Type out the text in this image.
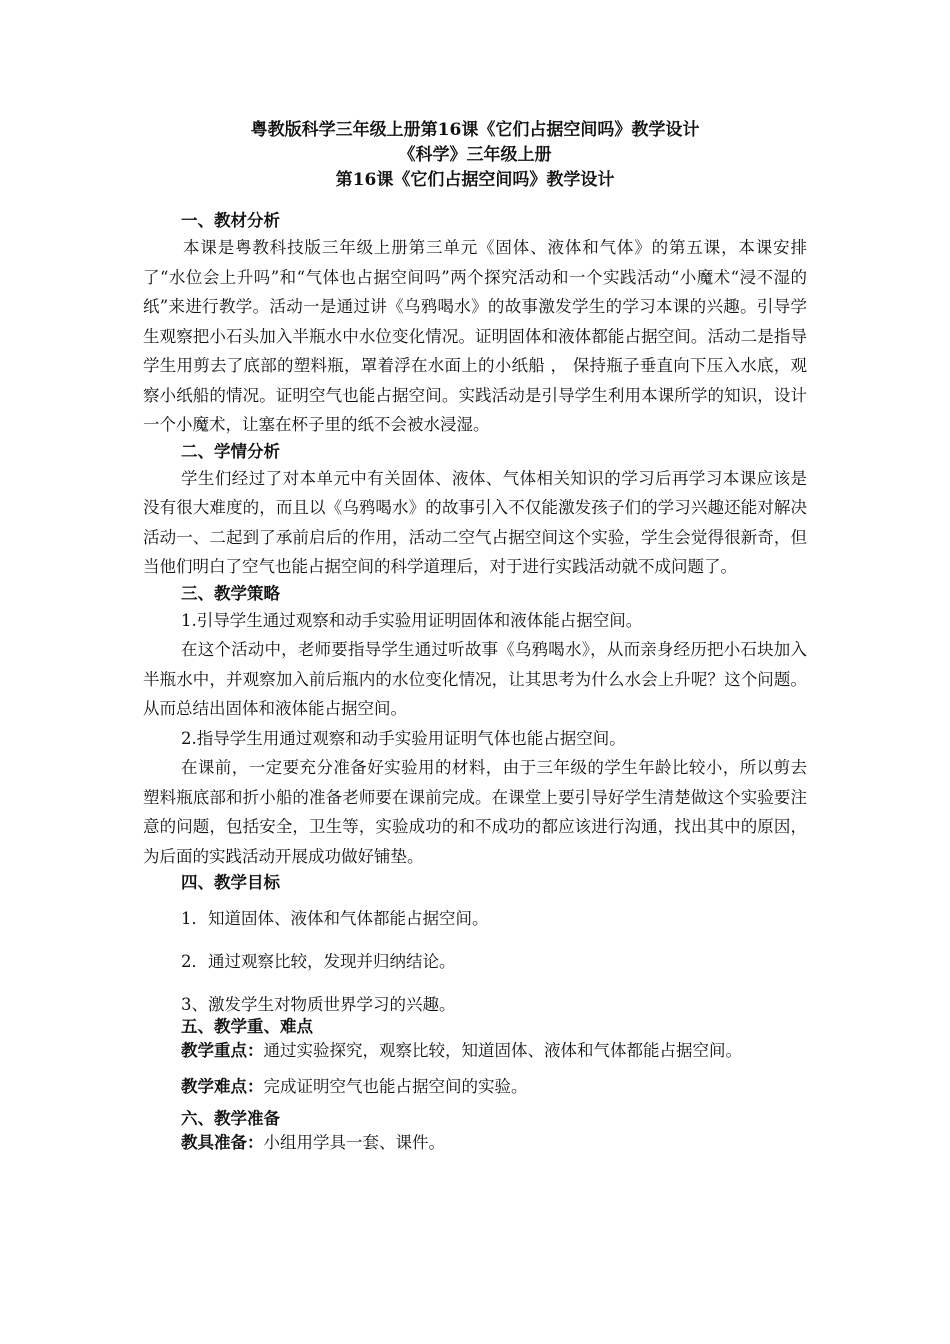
粤教版科学三年级上册第16课《它们占据空间吗》教学设计

《科学》三年级上册

第16课《它们占据空间吗》教学设计

一、教材分析

本课是粤教科技版三年级上册第三单元《固体、液体和气体》的第五课，本课安排了“水位会上升吗”和“气体也占据空间吗”两个探究活动和一个实践活动“小魔术“浸不湿的纸”来进行教学。活动一是通过讲《乌鸦喝水》的故事激发学生的学习本课的兴趣。引导学生观察把小石头加入半瓶水中水位变化情况。证明固体和液体都能占据空间。活动二是指导学生用剪去了底部的塑料瓶，罩着浮在水面上的小纸船 ， 保持瓶子垂直向下压入水底，观察小纸船的情况。证明空气也能占据空间。实践活动是引导学生利用本课所学的知识，设计一个小魔术，让塞在杯子里的纸不会被水浸湿。

二、学情分析

学生们经过了对本单元中有关固体、液体、气体相关知识的学习后再学习本课应该是没有很大难度的，而且以《乌鸦喝水》的故事引入不仅能激发孩子们的学习兴趣还能对解决活动一、二起到了承前启后的作用，活动二空气占据空间这个实验，学生会觉得很新奇，但当他们明白了空气也能占据空间的科学道理后，对于进行实践活动就不成问题了。

三、教学策略

1.引导学生通过观察和动手实验用证明固体和液体能占据空间。

在这个活动中，老师要指导学生通过听故事《乌鸦喝水》，从而亲身经历把小石块加入半瓶水中，并观察加入前后瓶内的水位变化情况，让其思考为什么水会上升呢？这个问题。从而总结出固体和液体能占据空间。

2.指导学生用通过观察和动手实验用证明气体也能占据空间。

在课前，一定要充分准备好实验用的材料，由于三年级的学生年龄比较小，所以剪去塑料瓶底部和折小船的准备老师要在课前完成。在课堂上要引导好学生清楚做这个实验要注意的问题，包括安全，卫生等，实验成功的和不成功的都应该进行沟通，找出其中的原因，为后面的实践活动开展成功做好铺垫。

四、教学目标

1．知道固体、液体和气体都能占据空间。

2．通过观察比较，发现并归纳结论。

3、激发学生对物质世界学习的兴趣。

五、教学重、难点

教学重点：通过实验探究，观察比较，知道固体、液体和气体都能占据空间。

教学难点：完成证明空气也能占据空间的实验。

六、教学准备

教具准备：小组用学具一套、课件。
